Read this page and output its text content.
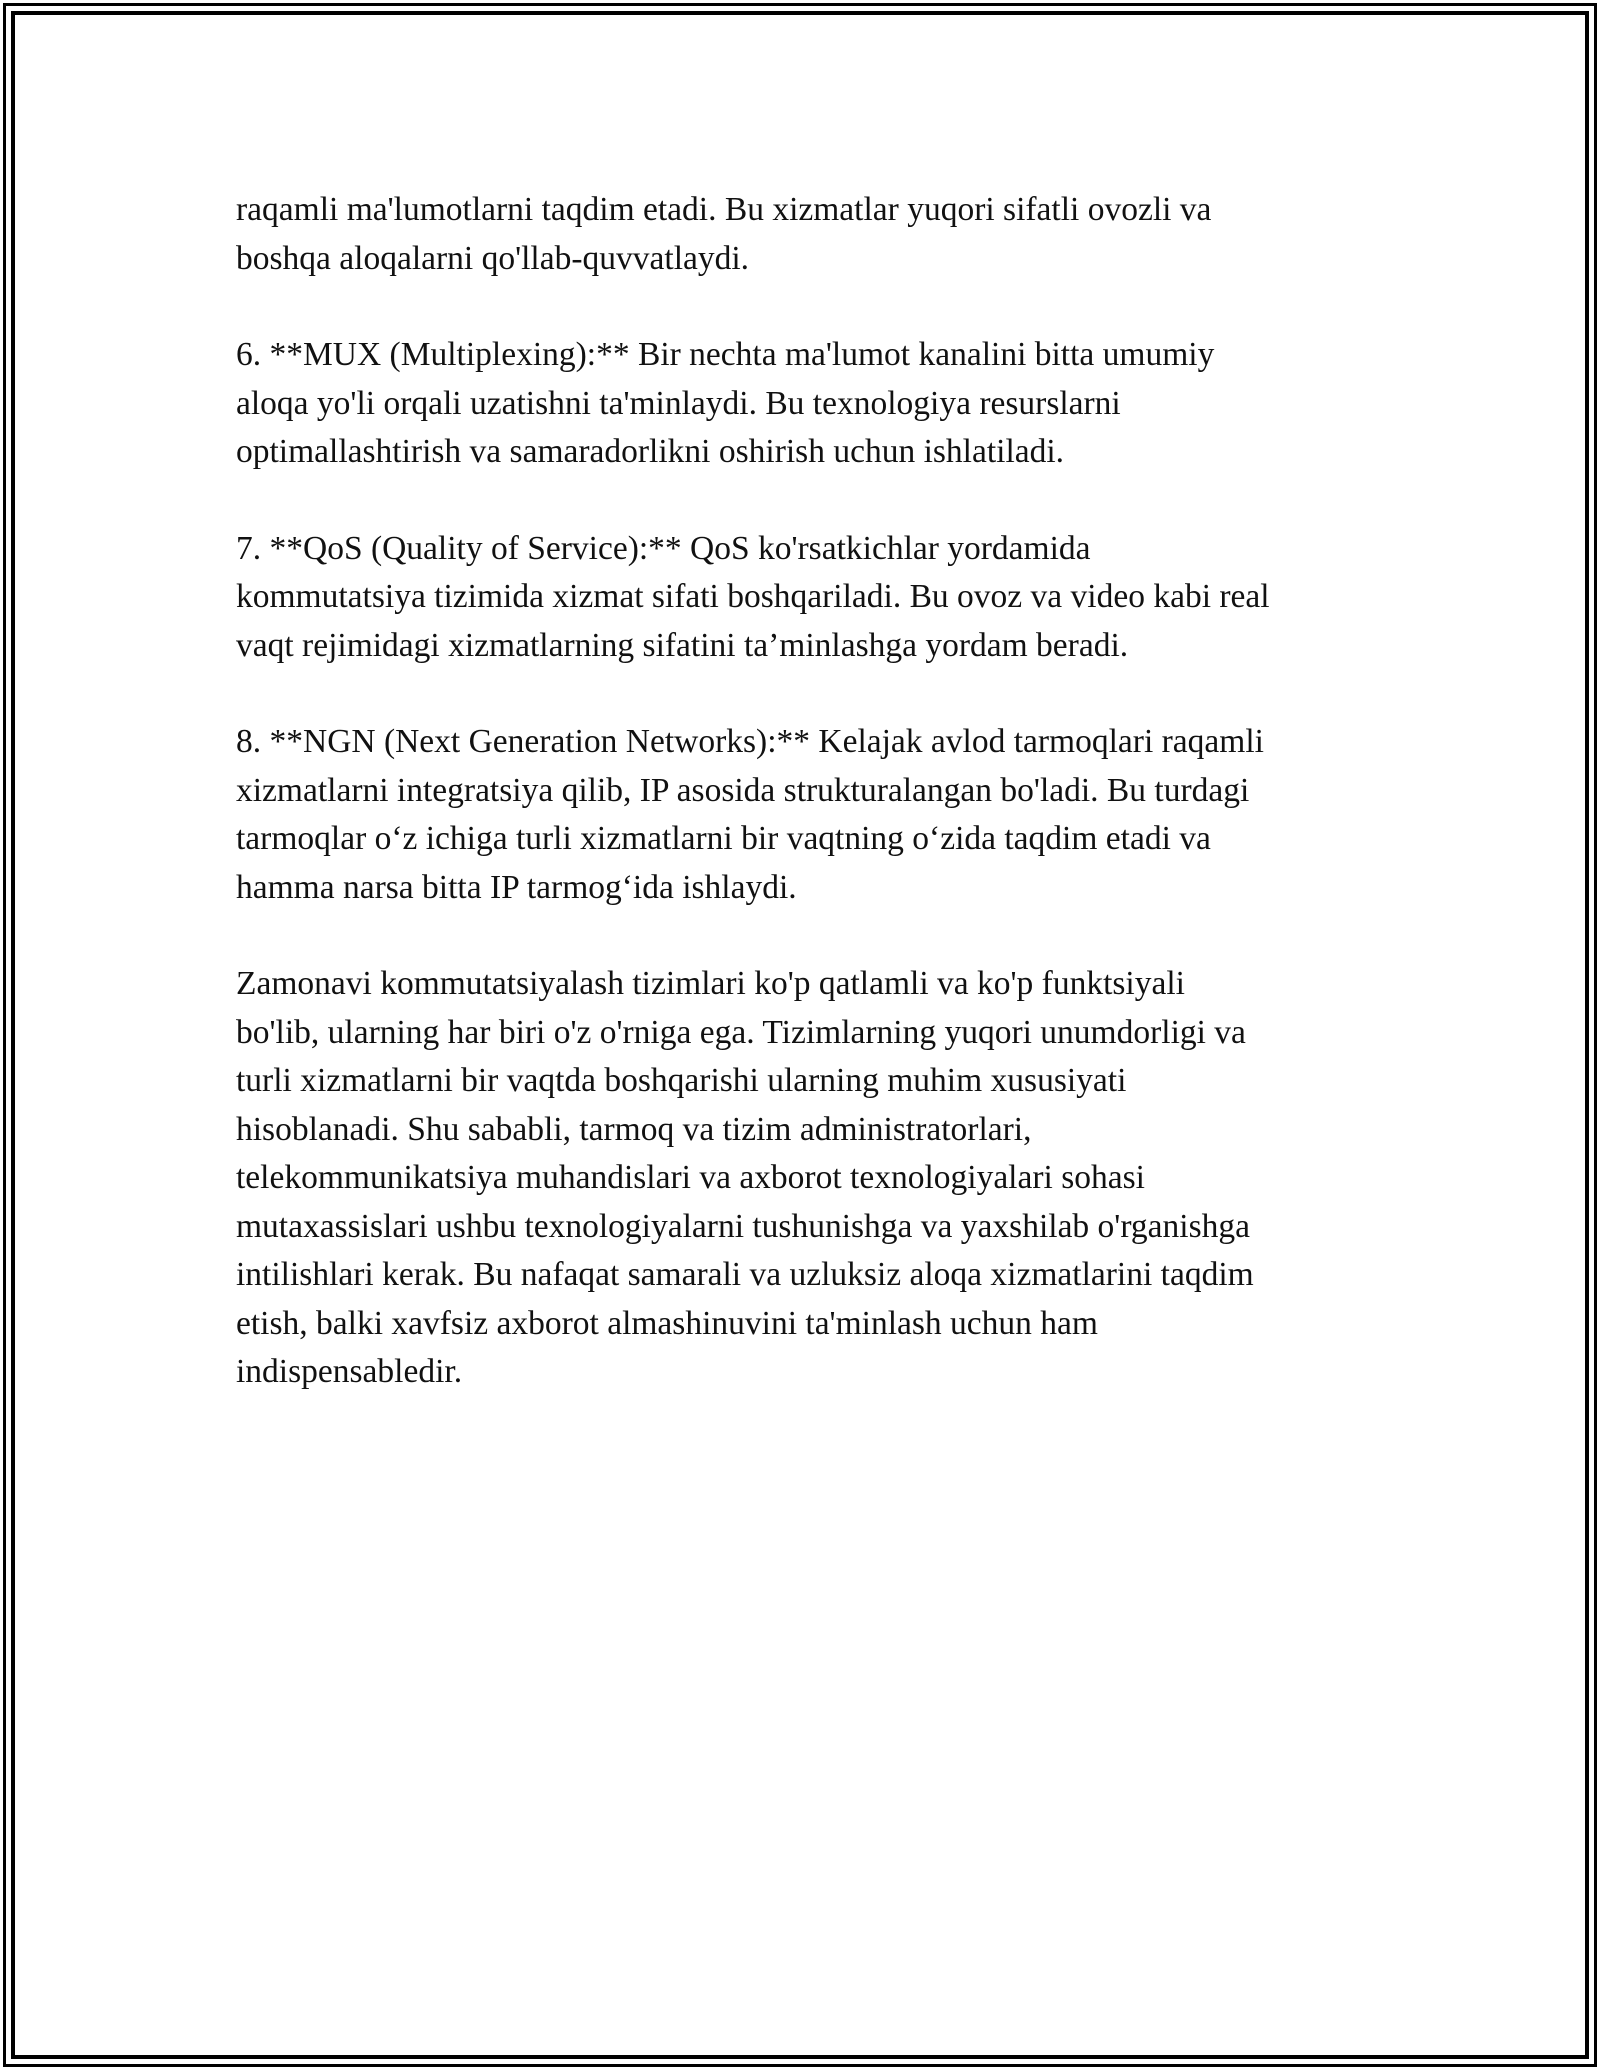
raqamli ma'lumotlarni taqdim etadi. Bu xizmatlar yuqori sifatli ovozli va
boshqa aloqalarni qo'llab-quvvatlaydi.

6. **MUX (Multiplexing):** Bir nechta ma'lumot kanalini bitta umumiy
aloqa yo'li orqali uzatishni ta'minlaydi. Bu texnologiya resurslarni
optimallashtirish va samaradorlikni oshirish uchun ishlatiladi.

7. **QoS (Quality of Service):** QoS ko'rsatkichlar yordamida
kommutatsiya tizimida xizmat sifati boshqariladi. Bu ovoz va video kabi real
vaqt rejimidagi xizmatlarning sifatini ta’minlashga yordam beradi.

8. **NGN (Next Generation Networks):** Kelajak avlod tarmoqlari raqamli
xizmatlarni integratsiya qilib, IP asosida strukturalangan bo'ladi. Bu turdagi
tarmoqlar o‘z ichiga turli xizmatlarni bir vaqtning o‘zida taqdim etadi va
hamma narsa bitta IP tarmog‘ida ishlaydi.

Zamonavi kommutatsiyalash tizimlari ko'p qatlamli va ko'p funktsiyali
bo'lib, ularning har biri o'z o'rniga ega. Tizimlarning yuqori unumdorligi va
turli xizmatlarni bir vaqtda boshqarishi ularning muhim xususiyati
hisoblanadi. Shu sababli, tarmoq va tizim administratorlari,
telekommunikatsiya muhandislari va axborot texnologiyalari sohasi
mutaxassislari ushbu texnologiyalarni tushunishga va yaxshilab o'rganishga
intilishlari kerak. Bu nafaqat samarali va uzluksiz aloqa xizmatlarini taqdim
etish, balki xavfsiz axborot almashinuvini ta'minlash uchun ham
indispensabledir.
